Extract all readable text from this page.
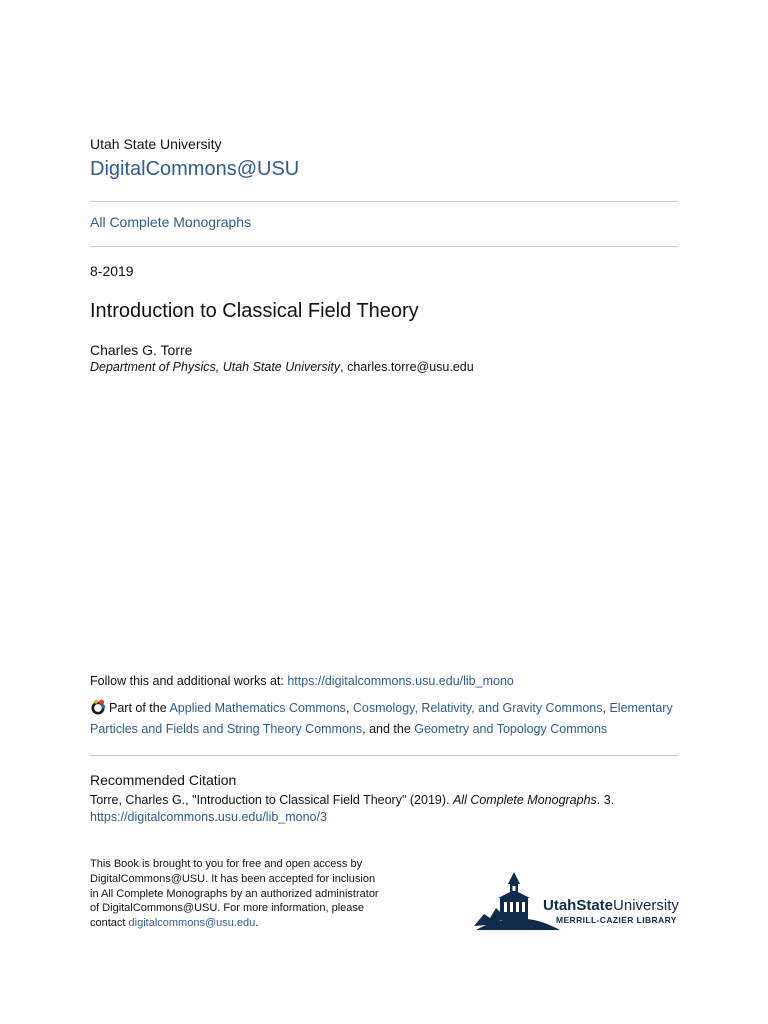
Utah State University
DigitalCommons@USU
All Complete Monographs
8-2019
Introduction to Classical Field Theory
Charles G. Torre
Department of Physics, Utah State University, charles.torre@usu.edu
Follow this and additional works at: https://digitalcommons.usu.edu/lib_mono
Part of the Applied Mathematics Commons, Cosmology, Relativity, and Gravity Commons, Elementary Particles and Fields and String Theory Commons, and the Geometry and Topology Commons
Recommended Citation
Torre, Charles G., "Introduction to Classical Field Theory" (2019). All Complete Monographs. 3.
https://digitalcommons.usu.edu/lib_mono/3
This Book is brought to you for free and open access by DigitalCommons@USU. It has been accepted for inclusion in All Complete Monographs by an authorized administrator of DigitalCommons@USU. For more information, please contact digitalcommons@usu.edu.
UtahStateUniversity
MERRILL-CAZIER LIBRARY
